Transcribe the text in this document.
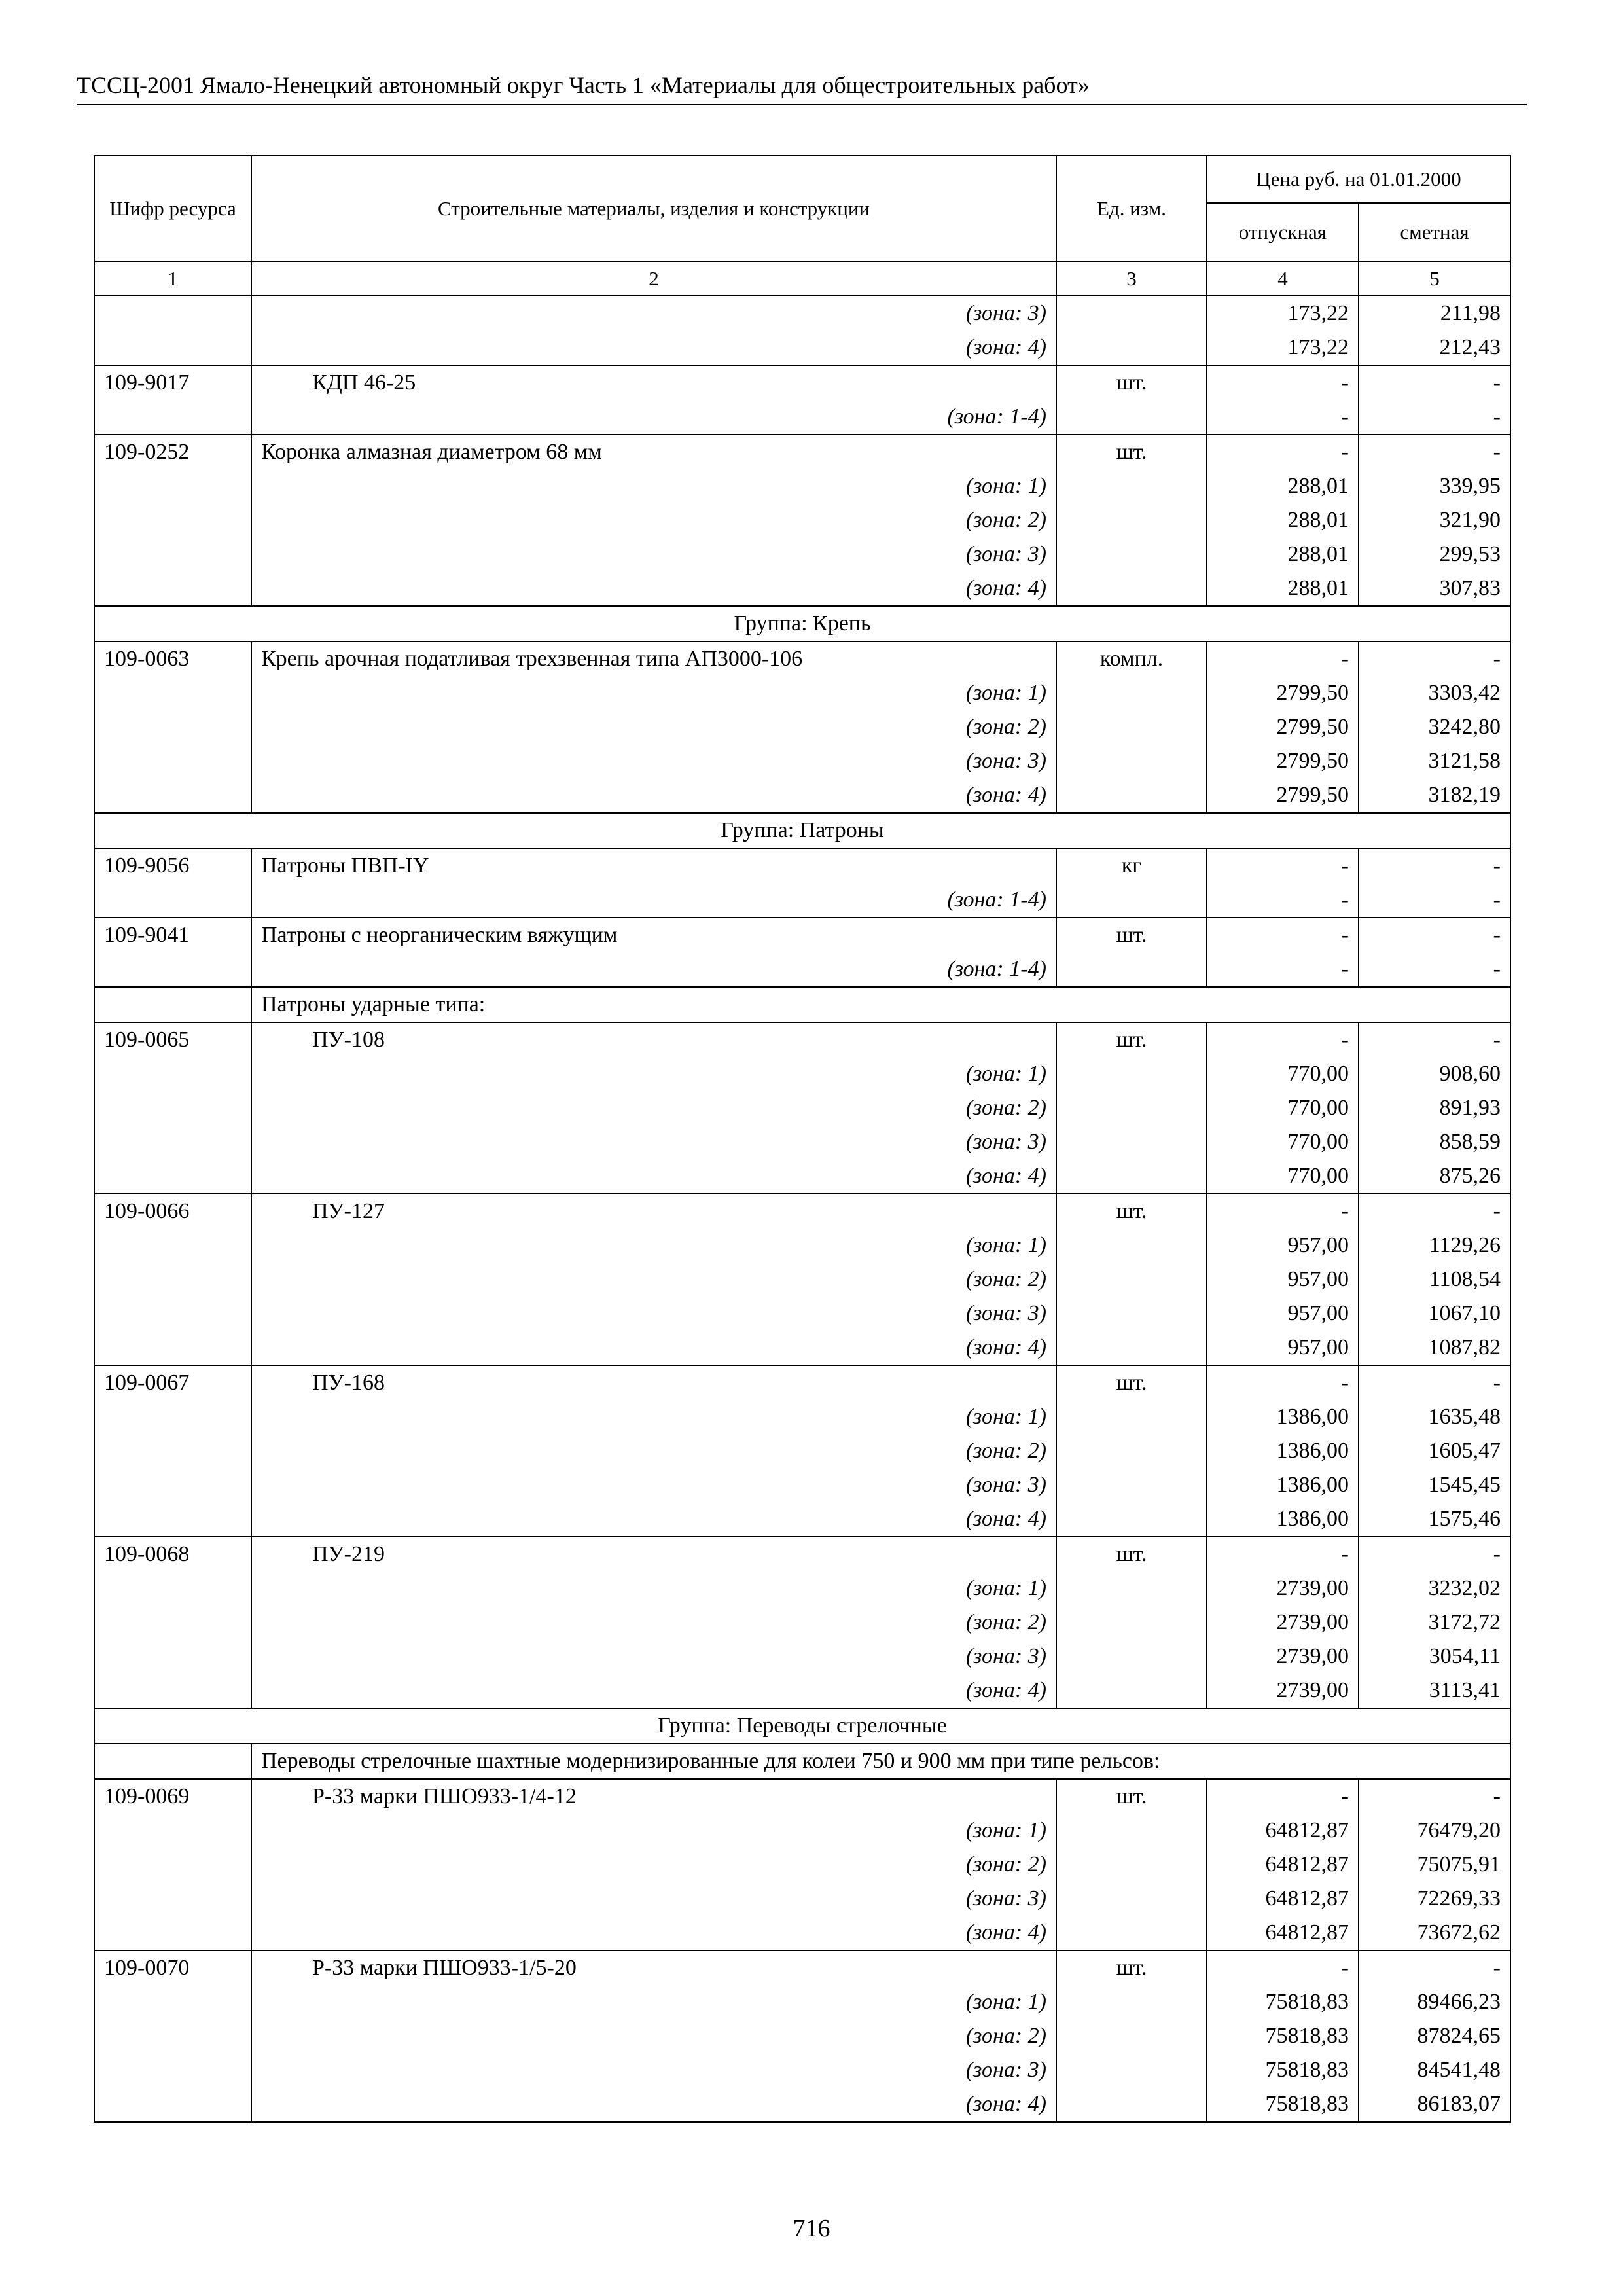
ТССЦ-2001 Ямало-Ненецкий автономный округ Часть 1 «Материалы для общестроительных работ»
Шифр ресурса	Строительные материалы, изделия и конструкции	Ед. изм.	Цена руб. на 01.01.2000	
			отпускная	сметная
1	2	3	4	5
	(зона: 3)		173,22	211,98
	(зона: 4)		173,22	212,43
109-9017	КДП 46-25	шт.	-	-
	(зона: 1-4)		-	-
109-0252	Коронка алмазная диаметром 68 мм	шт.	-	-
	(зона: 1)		288,01	339,95
	(зона: 2)		288,01	321,90
	(зона: 3)		288,01	299,53
	(зона: 4)		288,01	307,83
Группа: Крепь				
109-0063	Крепь арочная податливая трехзвенная типа АП3000-106	компл.	-	-
	(зона: 1)		2799,50	3303,42
	(зона: 2)		2799,50	3242,80
	(зона: 3)		2799,50	3121,58
	(зона: 4)		2799,50	3182,19
Группа: Патроны				
109-9056	Патроны ПВП-IY	кг	-	-
	(зона: 1-4)		-	-
109-9041	Патроны с неорганическим вяжущим	шт.	-	-
	(зона: 1-4)		-	-
	Патроны ударные типа:			
109-0065	ПУ-108	шт.	-	-
	(зона: 1)		770,00	908,60
	(зона: 2)		770,00	891,93
	(зона: 3)		770,00	858,59
	(зона: 4)		770,00	875,26
109-0066	ПУ-127	шт.	-	-
	(зона: 1)		957,00	1129,26
	(зона: 2)		957,00	1108,54
	(зона: 3)		957,00	1067,10
	(зона: 4)		957,00	1087,82
109-0067	ПУ-168	шт.	-	-
	(зона: 1)		1386,00	1635,48
	(зона: 2)		1386,00	1605,47
	(зона: 3)		1386,00	1545,45
	(зона: 4)		1386,00	1575,46
109-0068	ПУ-219	шт.	-	-
	(зона: 1)		2739,00	3232,02
	(зона: 2)		2739,00	3172,72
	(зона: 3)		2739,00	3054,11
	(зона: 4)		2739,00	3113,41
Группа: Переводы стрелочные				
	Переводы стрелочные шахтные модернизированные для колеи 750 и 900 мм при типе рельсов:			
109-0069	Р-33 марки ПШО933-1/4-12	шт.	-	-
	(зона: 1)		64812,87	76479,20
	(зона: 2)		64812,87	75075,91
	(зона: 3)		64812,87	72269,33
	(зона: 4)		64812,87	73672,62
109-0070	Р-33 марки ПШО933-1/5-20	шт.	-	-
	(зона: 1)		75818,83	89466,23
	(зона: 2)		75818,83	87824,65
	(зона: 3)		75818,83	84541,48
	(зона: 4)		75818,83	86183,07
716
